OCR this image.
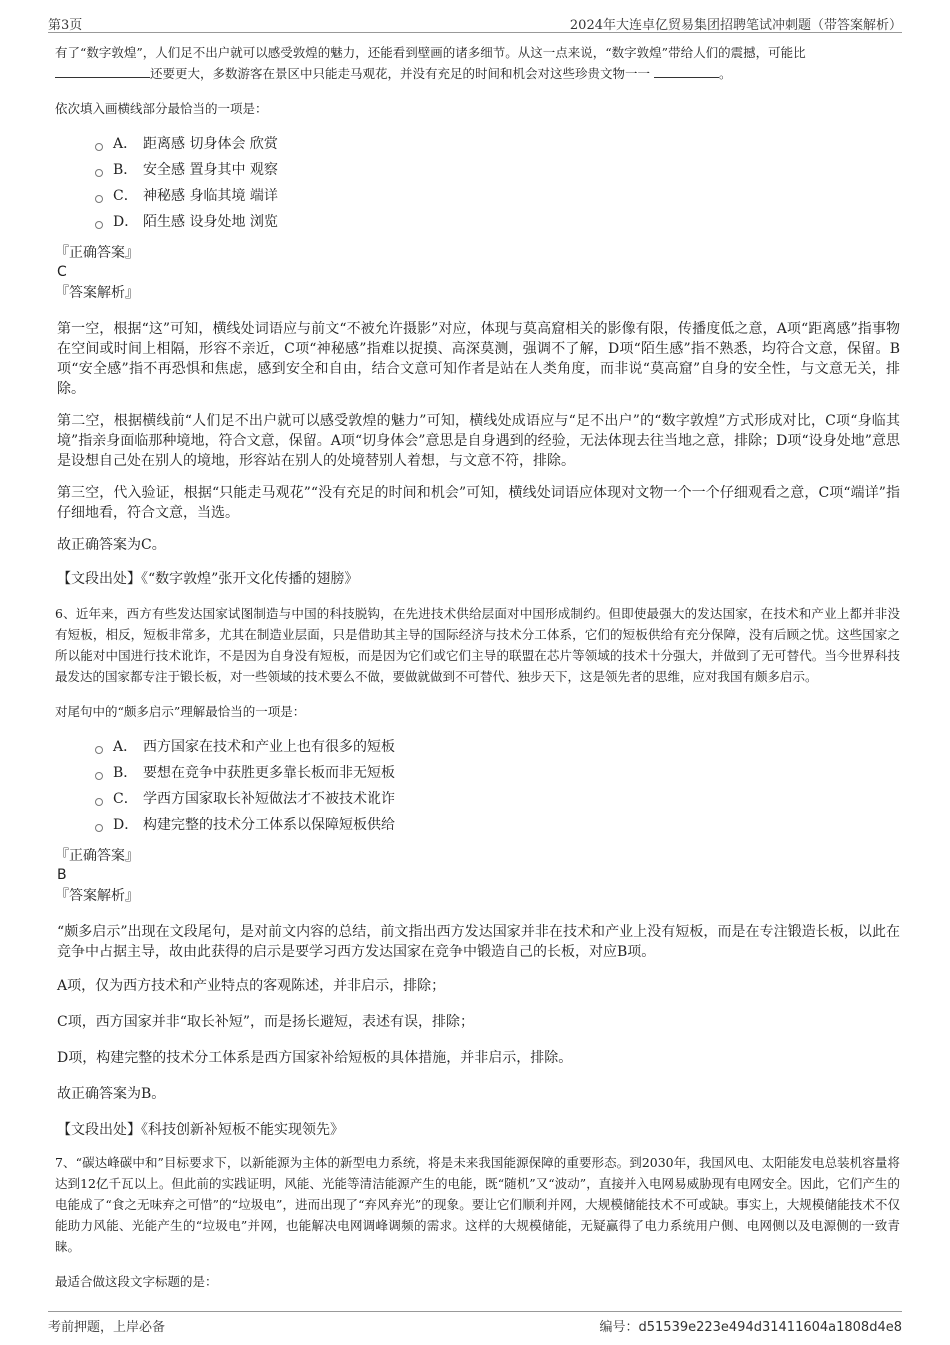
第3页	2024年大连卓亿贸易集团招聘笔试冲刺题（带答案解析）

有了“数字敦煌”，人们足不出户就可以感受敦煌的魅力，还能看到壁画的诸多细节。从这一点来说，“数字敦煌”带给人们的震撼，可能比
还要更大，多数游客在景区中只能走马观花，并没有充足的时间和机会对这些珍贵文物一一	。

依次填入画横线部分最恰当的一项是：

A． 距离感 切身体会 欣赏
B． 安全感 置身其中 观察
C． 神秘感 身临其境 端详
D． 陌生感 设身处地 浏览

『正确答案』

C

『答案解析』

第一空，根据“这”可知，横线处词语应与前文“不被允许摄影”对应，体现与莫高窟相关的影像有限，传播度低之意，A项“距离感”指事物在空间或时间上相隔，形容不亲近，C项“神秘感”指难以捉摸、高深莫测，强调不了解，D项“陌生感”指不熟悉，均符合文意，保留。B项“安全感”指不再恐惧和焦虑，感到安全和自由，结合文意可知作者是站在人类角度，而非说“莫高窟”自身的安全性，与文意无关，排除。

第二空，根据横线前“人们足不出户就可以感受敦煌的魅力”可知，横线处成语应与“足不出户”的“数字敦煌”方式形成对比，C项“身临其境”指亲身面临那种境地，符合文意，保留。A项“切身体会”意思是自身遇到的经验，无法体现去往当地之意，排除；D项“设身处地”意思是设想自己处在别人的境地，形容站在别人的处境替别人着想，与文意不符，排除。

第三空，代入验证，根据“只能走马观花”“没有充足的时间和机会”可知，横线处词语应体现对文物一个一个仔细观看之意，C项“端详”指仔细地看，符合文意，当选。

故正确答案为C。

【文段出处】《“数字敦煌”张开文化传播的翅膀》

6、近年来，西方有些发达国家试图制造与中国的科技脱钩，在先进技术供给层面对中国形成制约。但即使最强大的发达国家，在技术和产业上都并非没有短板，相反，短板非常多，尤其在制造业层面，只是借助其主导的国际经济与技术分工体系，它们的短板供给有充分保障，没有后顾之忧。这些国家之所以能对中国进行技术讹诈，不是因为自身没有短板，而是因为它们或它们主导的联盟在芯片等领域的技术十分强大，并做到了无可替代。当今世界科技最发达的国家都专注于锻长板，对一些领域的技术要么不做，要做就做到不可替代、独步天下，这是领先者的思维，应对我国有颇多启示。

对尾句中的“颇多启示”理解最恰当的一项是：

A． 西方国家在技术和产业上也有很多的短板
B． 要想在竞争中获胜更多靠长板而非无短板
C． 学西方国家取长补短做法才不被技术讹诈
D． 构建完整的技术分工体系以保障短板供给

『正确答案』

B

『答案解析』

“颇多启示”出现在文段尾句，是对前文内容的总结，前文指出西方发达国家并非在技术和产业上没有短板，而是在专注锻造长板，以此在竞争中占据主导，故由此获得的启示是要学习西方发达国家在竞争中锻造自己的长板，对应B项。

A项，仅为西方技术和产业特点的客观陈述，并非启示，排除；

C项，西方国家并非“取长补短”，而是扬长避短，表述有误，排除；

D项，构建完整的技术分工体系是西方国家补给短板的具体措施，并非启示，排除。

故正确答案为B。

【文段出处】《科技创新补短板不能实现领先》

7、“碳达峰碳中和”目标要求下，以新能源为主体的新型电力系统，将是未来我国能源保障的重要形态。到2030年，我国风电、太阳能发电总装机容量将达到12亿千瓦以上。但此前的实践证明，风能、光能等清洁能源产生的电能，既“随机”又“波动”，直接并入电网易威胁现有电网安全。因此，它们产生的电能成了“食之无味弃之可惜”的“垃圾电”，进而出现了“弃风弃光”的现象。要让它们顺利并网，大规模储能技术不可或缺。事实上，大规模储能技术不仅能助力风能、光能产生的“垃圾电”并网，也能解决电网调峰调频的需求。这样的大规模储能，无疑赢得了电力系统用户侧、电网侧以及电源侧的一致青睐。

最适合做这段文字标题的是：

考前押题，上岸必备	编号：d51539e223e494d31411604a1808d4e8
